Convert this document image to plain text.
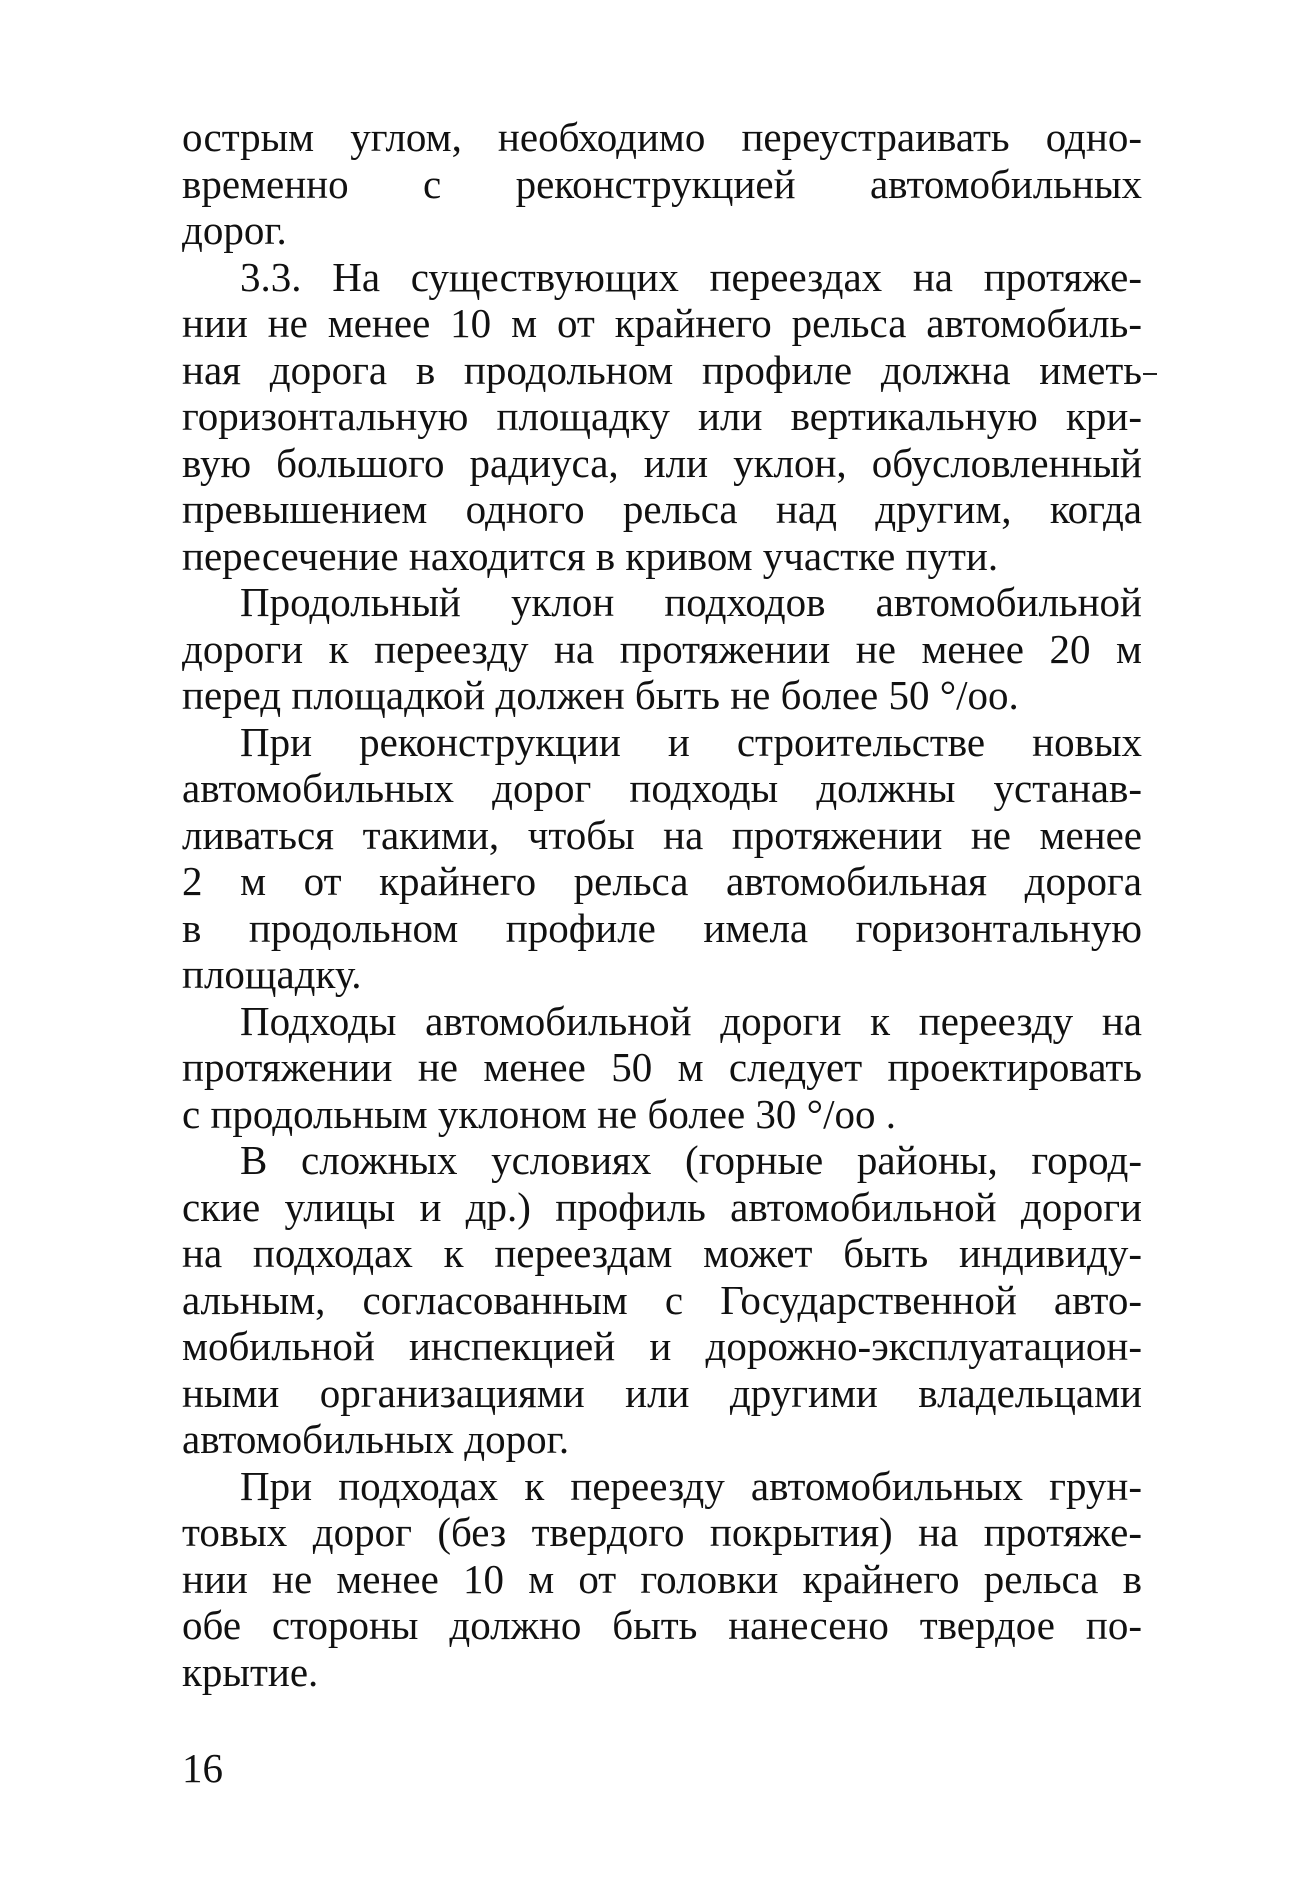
острым углом, необходимо переустраивать одно-
временно с реконструкцией автомобильных
дорог.
3.3. На существующих переездах на протяже-
нии не менее 10 м от крайнего рельса автомобиль-
ная дорога в продольном профиле должна иметь
горизонтальную площадку или вертикальную кри-
вую большого радиуса, или уклон, обусловленный
превышением одного рельса над другим, когда
пересечение находится в кривом участке пути.
Продольный уклон подходов автомобильной
дороги к переезду на протяжении не менее 20 м
перед площадкой должен быть не более 50 °/оо.
При реконструкции и строительстве новых
автомобильных дорог подходы должны устанав-
ливаться такими, чтобы на протяжении не менее
2 м от крайнего рельса автомобильная дорога
в продольном профиле имела горизонтальную
площадку.
Подходы автомобильной дороги к переезду на
протяжении не менее 50 м следует проектировать
с продольным уклоном не более 30 °/оо .
В сложных условиях (горные районы, город-
ские улицы и др.) профиль автомобильной дороги
на подходах к переездам может быть индивиду-
альным, согласованным с Государственной авто-
мобильной инспекцией и дорожно-эксплуатацион-
ными организациями или другими владельцами
автомобильных дорог.
При подходах к переезду автомобильных грун-
товых дорог (без твердого покрытия) на протяже-
нии не менее 10 м от головки крайнего рельса в
обе стороны должно быть нанесено твердое по-
крытие.
16
